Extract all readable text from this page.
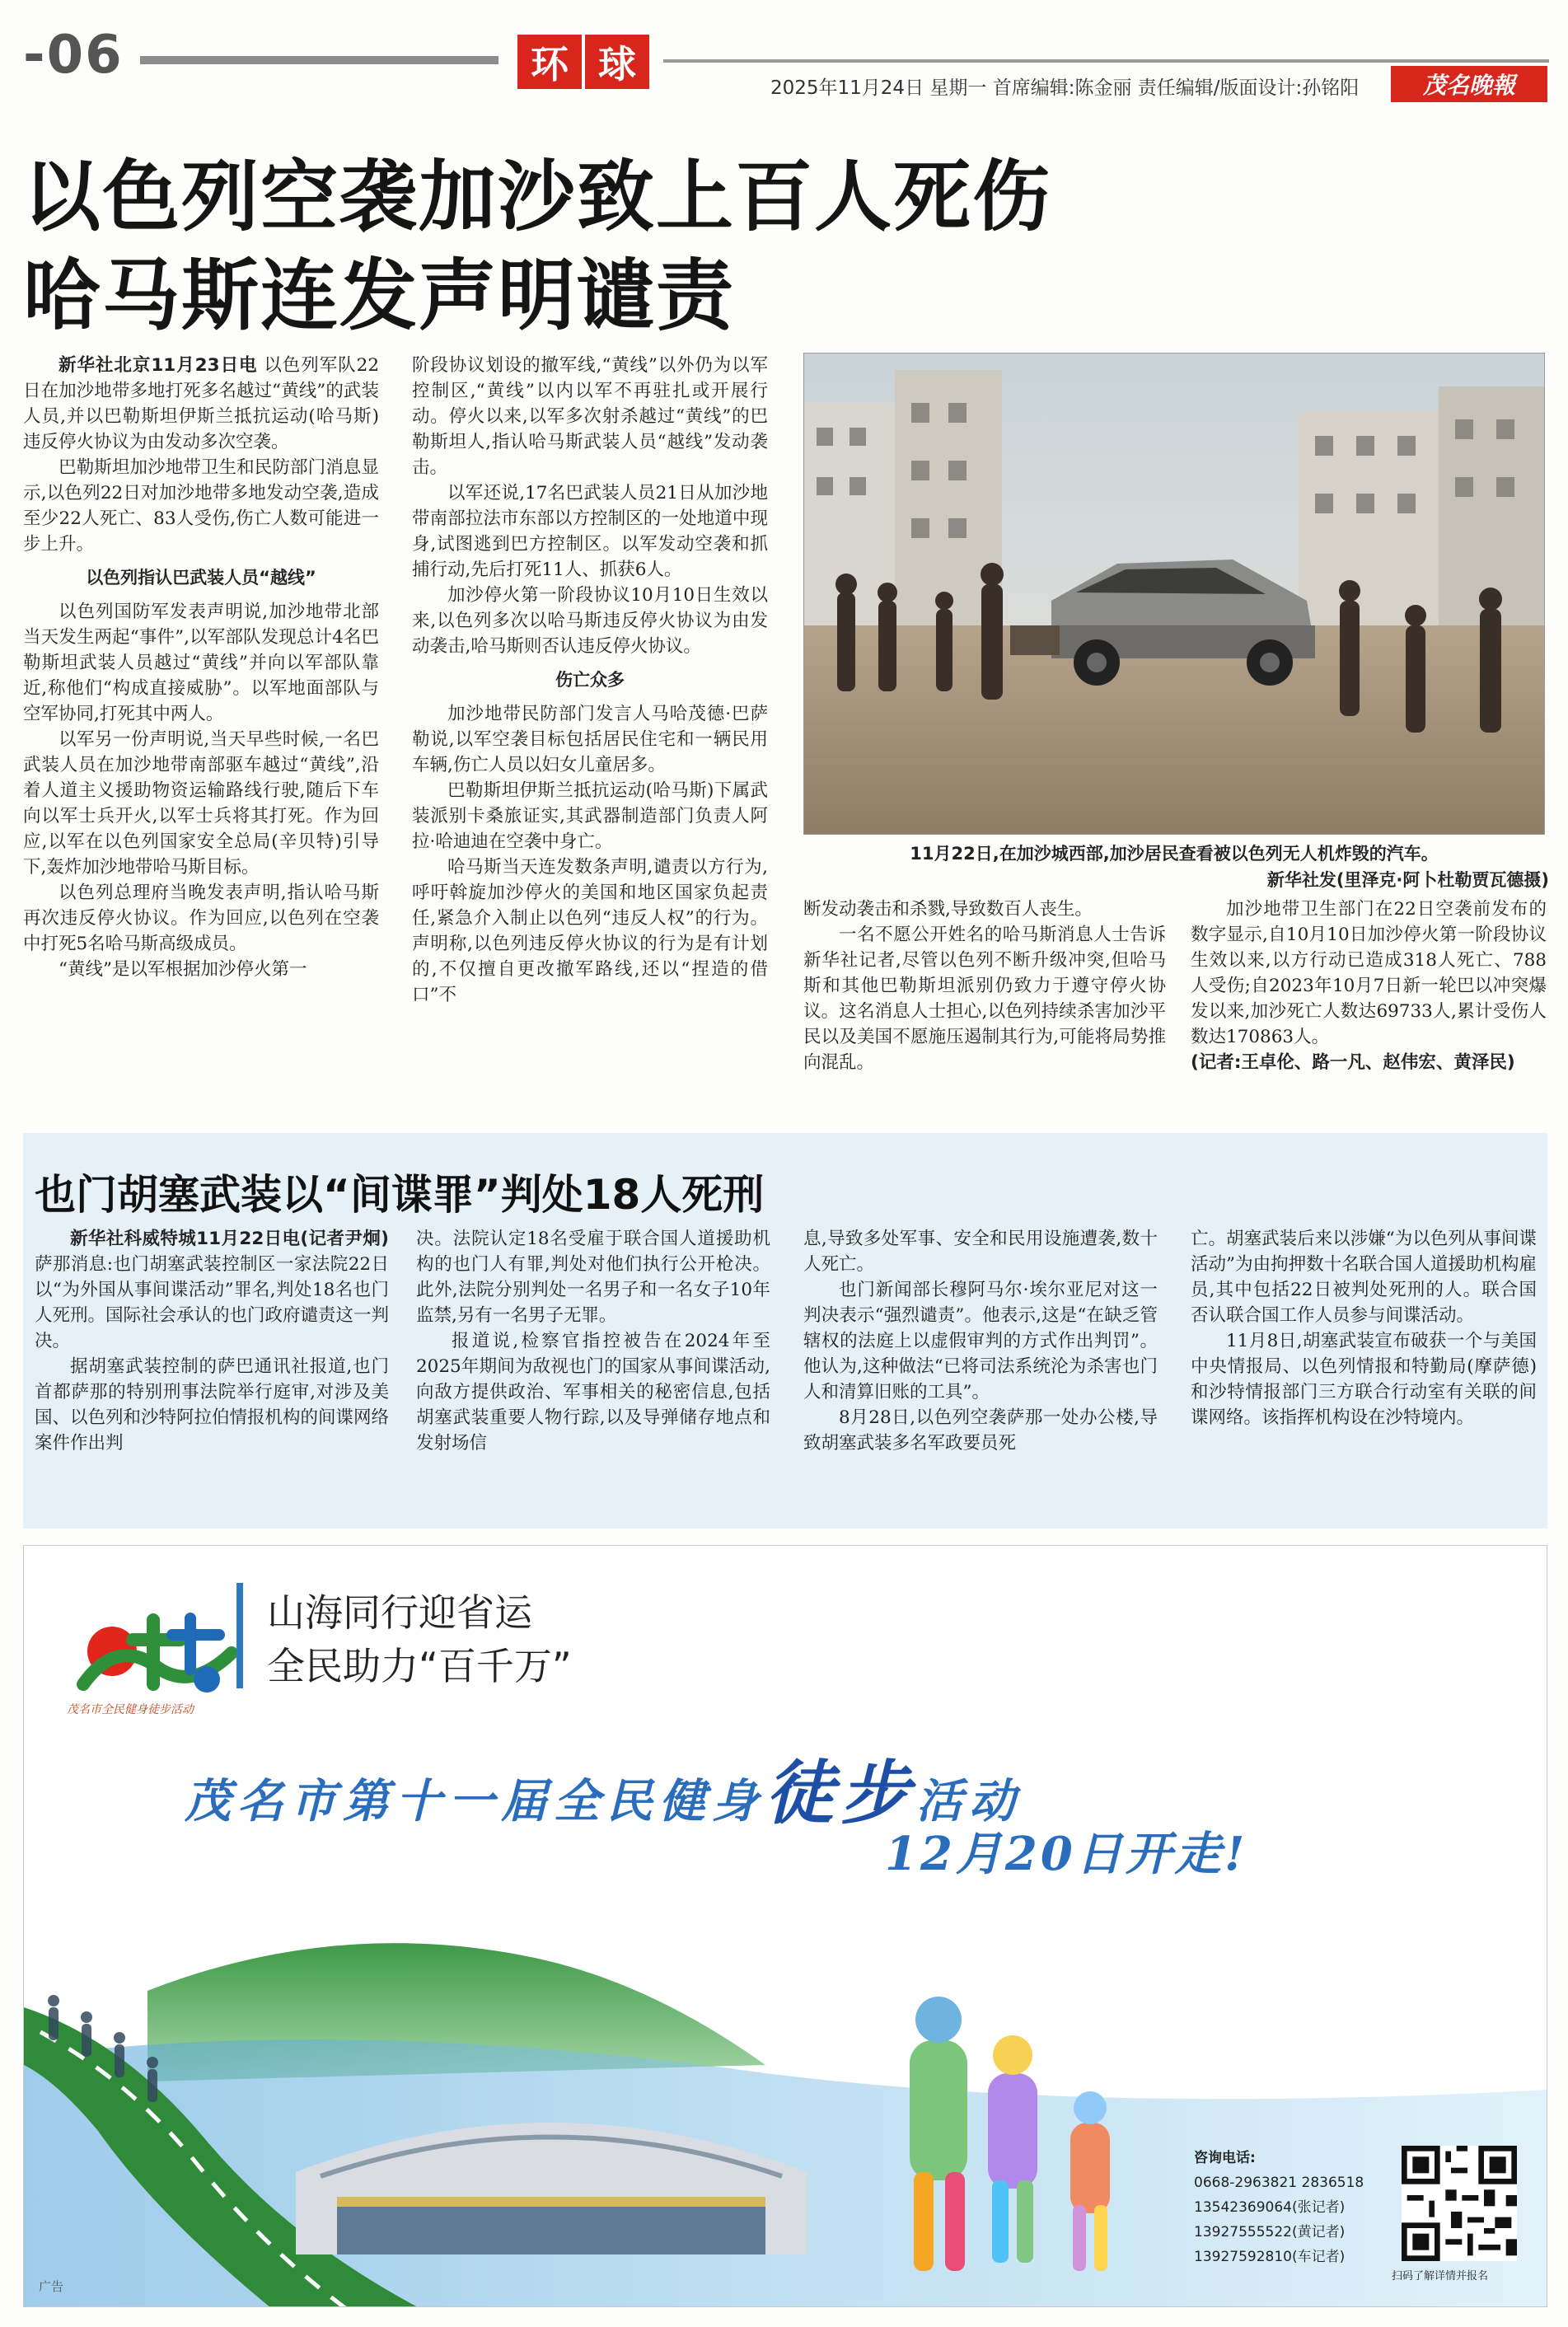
-06	环 球
2025年11月24日 星期一 首席编辑:陈金丽 责任编辑/版面设计:孙铭阳	茂名晚報
以色列空袭加沙致上百人死伤
哈马斯连发声明谴责

新华社北京11月23日电 以色列军队22日在加沙地带多地打死多名越过“黄线”的武装人员,并以巴勒斯坦伊斯兰抵抗运动(哈马斯)违反停火协议为由发动多次空袭。

巴勒斯坦加沙地带卫生和民防部门消息显示,以色列22日对加沙地带多地发动空袭,造成至少22人死亡、83人受伤,伤亡人数可能进一步上升。

以色列指认巴武装人员“越线”

以色列国防军发表声明说,加沙地带北部当天发生两起“事件”,以军部队发现总计4名巴勒斯坦武装人员越过“黄线”并向以军部队靠近,称他们“构成直接威胁”。以军地面部队与空军协同,打死其中两人。

以军另一份声明说,当天早些时候,一名巴武装人员在加沙地带南部驱车越过“黄线”,沿着人道主义援助物资运输路线行驶,随后下车向以军士兵开火,以军士兵将其打死。作为回应,以军在以色列国家安全总局(辛贝特)引导下,轰炸加沙地带哈马斯目标。

以色列总理府当晚发表声明,指认哈马斯再次违反停火协议。作为回应,以色列在空袭中打死5名哈马斯高级成员。

“黄线”是以军根据加沙停火第一

阶段协议划设的撤军线,“黄线”以外仍为以军控制区,“黄线”以内以军不再驻扎或开展行动。停火以来,以军多次射杀越过“黄线”的巴勒斯坦人,指认哈马斯武装人员“越线”发动袭击。

以军还说,17名巴武装人员21日从加沙地带南部拉法市东部以方控制区的一处地道中现身,试图逃到巴方控制区。以军发动空袭和抓捕行动,先后打死11人、抓获6人。

加沙停火第一阶段协议10月10日生效以来,以色列多次以哈马斯违反停火协议为由发动袭击,哈马斯则否认违反停火协议。

伤亡众多

加沙地带民防部门发言人马哈茂德·巴萨勒说,以军空袭目标包括居民住宅和一辆民用车辆,伤亡人员以妇女儿童居多。

巴勒斯坦伊斯兰抵抗运动(哈马斯)下属武装派别卡桑旅证实,其武器制造部门负责人阿拉·哈迪迪在空袭中身亡。

哈马斯当天连发数条声明,谴责以方行为,呼吁斡旋加沙停火的美国和地区国家负起责任,紧急介入制止以色列“违反人权”的行为。声明称,以色列违反停火协议的行为是有计划的,不仅擅自更改撤军路线,还以“捏造的借口”不

11月22日,在加沙城西部,加沙居民查看被以色列无人机炸毁的汽车。
新华社发(里泽克·阿卜杜勒贾瓦德摄)

断发动袭击和杀戮,导致数百人丧生。

一名不愿公开姓名的哈马斯消息人士告诉新华社记者,尽管以色列不断升级冲突,但哈马斯和其他巴勒斯坦派别仍致力于遵守停火协议。这名消息人士担心,以色列持续杀害加沙平民以及美国不愿施压遏制其行为,可能将局势推向混乱。

加沙地带卫生部门在22日空袭前发布的数字显示,自10月10日加沙停火第一阶段协议生效以来,以方行动已造成318人死亡、788人受伤;自2023年10月7日新一轮巴以冲突爆发以来,加沙死亡人数达69733人,累计受伤人数达170863人。

(记者:王卓伦、路一凡、赵伟宏、黄泽民)

也门胡塞武装以“间谍罪”判处18人死刑

新华社科威特城11月22日电(记者尹炯) 萨那消息:也门胡塞武装控制区一家法院22日以“为外国从事间谍活动”罪名,判处18名也门人死刑。国际社会承认的也门政府谴责这一判决。

据胡塞武装控制的萨巴通讯社报道,也门首都萨那的特别刑事法院举行庭审,对涉及美国、以色列和沙特阿拉伯情报机构的间谍网络案件作出判

决。法院认定18名受雇于联合国人道援助机构的也门人有罪,判处对他们执行公开枪决。此外,法院分别判处一名男子和一名女子10年监禁,另有一名男子无罪。

报道说,检察官指控被告在2024年至2025年期间为敌视也门的国家从事间谍活动,向敌方提供政治、军事相关的秘密信息,包括胡塞武装重要人物行踪,以及导弹储存地点和发射场信

息,导致多处军事、安全和民用设施遭袭,数十人死亡。

也门新闻部长穆阿马尔·埃尔亚尼对这一判决表示“强烈谴责”。他表示,这是“在缺乏管辖权的法庭上以虚假审判的方式作出判罚”。他认为,这种做法“已将司法系统沦为杀害也门人和清算旧账的工具”。

8月28日,以色列空袭萨那一处办公楼,导致胡塞武装多名军政要员死

亡。胡塞武装后来以涉嫌“为以色列从事间谍活动”为由拘押数十名联合国人道援助机构雇员,其中包括22日被判处死刑的人。联合国否认联合国工作人员参与间谍活动。

11月8日,胡塞武装宣布破获一个与美国中央情报局、以色列情报和特勤局(摩萨德)和沙特情报部门三方联合行动室有关联的间谍网络。该指挥机构设在沙特境内。

茂名市全民健身徒步活动
山海同行迎省运
全民助力“百千万”
茂名市第十一届全民健身徒步活动
12月20日开走!
咨询电话:
0668-2963821 2836518
13542369064(张记者)
13927555522(黄记者)
13927592810(车记者)
扫码了解详情并报名
广告
